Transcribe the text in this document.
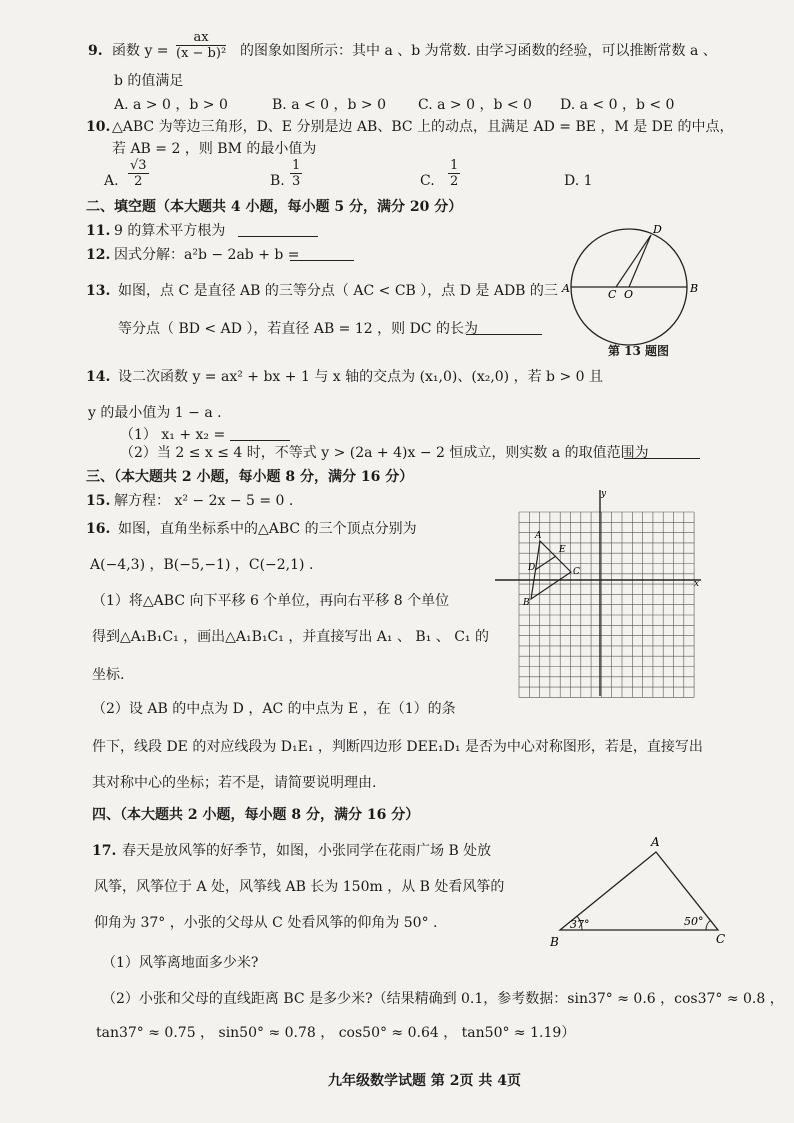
9. 函数 $y = \frac{ax}{\text{(x − b)²}}$ 的图象如图所示：其中 a 、b 为常数. 由学习函数的经验，可以推断常数 a 、
b 的值满足
A. a > 0 ，b > 0	B. a < 0 ，b > 0 C. a > 0 ，b < 0 D. a < 0 ，b < 0
10. △ABC 为等边三角形，D、E 分别是边 AB、BC 上的动点，且满足 AD = BE ，M 是 DE 的中点，
若 AB = 2 ，则 BM 的最小值为
A. $\frac{√3}{2}$	B. $\frac{1}{3}$	C. $\frac{1}{2}$	D. 1
二、填空题（本大题共 4 小题，每小题 5 分，满分 20 分）
11. 9 的算术平方根为
12. 因式分解：a²b − 2ab + b =
13. 如图，点 C 是直径 AB 的三等分点（ AC < CB ），点 D 是 ADB 的三
等分点（ BD < AD ），若直径 AB = 12 ，则 DC 的长为
A	B
C O
D
第 13 题图
14. 设二次函数 y = ax² + bx + 1 与 x 轴的交点为 (x₁,0)、(x₂,0) ，若 b > 0 且
y 的最小值为 1 − a .
（1） x₁ + x₂ =
（2）当 2 ≤ x ≤ 4 时，不等式 y > (2a + 4)x − 2 恒成立，则实数 a 的取值范围为
三、（本大题共 2 小题，每小题 8 分，满分 16 分）
15. 解方程： x² − 2x − 5 = 0 .
16. 如图，直角坐标系中的△ABC 的三个顶点分别为
A(−4,3) ，B(−5,−1) ，C(−2,1) .
（1）将△ABC 向下平移 6 个单位，再向右平移 8 个单位
得到△A₁B₁C₁ ，画出△A₁B₁C₁ ，并直接写出 A₁ 、 B₁ 、 C₁ 的
坐标.
（2）设 AB 的中点为 D ，AC 的中点为 E ，在（1）的条
件下，线段 DE 的对应线段为 D₁E₁ ，判断四边形 DEE₁D₁ 是否为中心对称图形，若是，直接写出
其对称中心的坐标；若不是，请简要说明理由.
y
x
A
B
C
D
E
四、（本大题共 2 小题，每小题 8 分，满分 16 分）
17. 春天是放风筝的好季节，如图，小张同学在花雨广场 B 处放
风筝，风筝位于 A 处，风筝线 AB 长为 150m ，从 B 处看风筝的
仰角为 37° ，小张的父母从 C 处看风筝的仰角为 50° .
（1）风筝离地面多少米?
（2）小张和父母的直线距离 BC 是多少米?（结果精确到 0.1，参考数据：sin37° ≈ 0.6 ，cos37° ≈ 0.8 ，
tan37° ≈ 0.75 ， sin50° ≈ 0.78 ， cos50° ≈ 0.64 ， tan50° ≈ 1.19）
A
B	C
37°	50°
九年级数学试题 第 2页 共 4页
